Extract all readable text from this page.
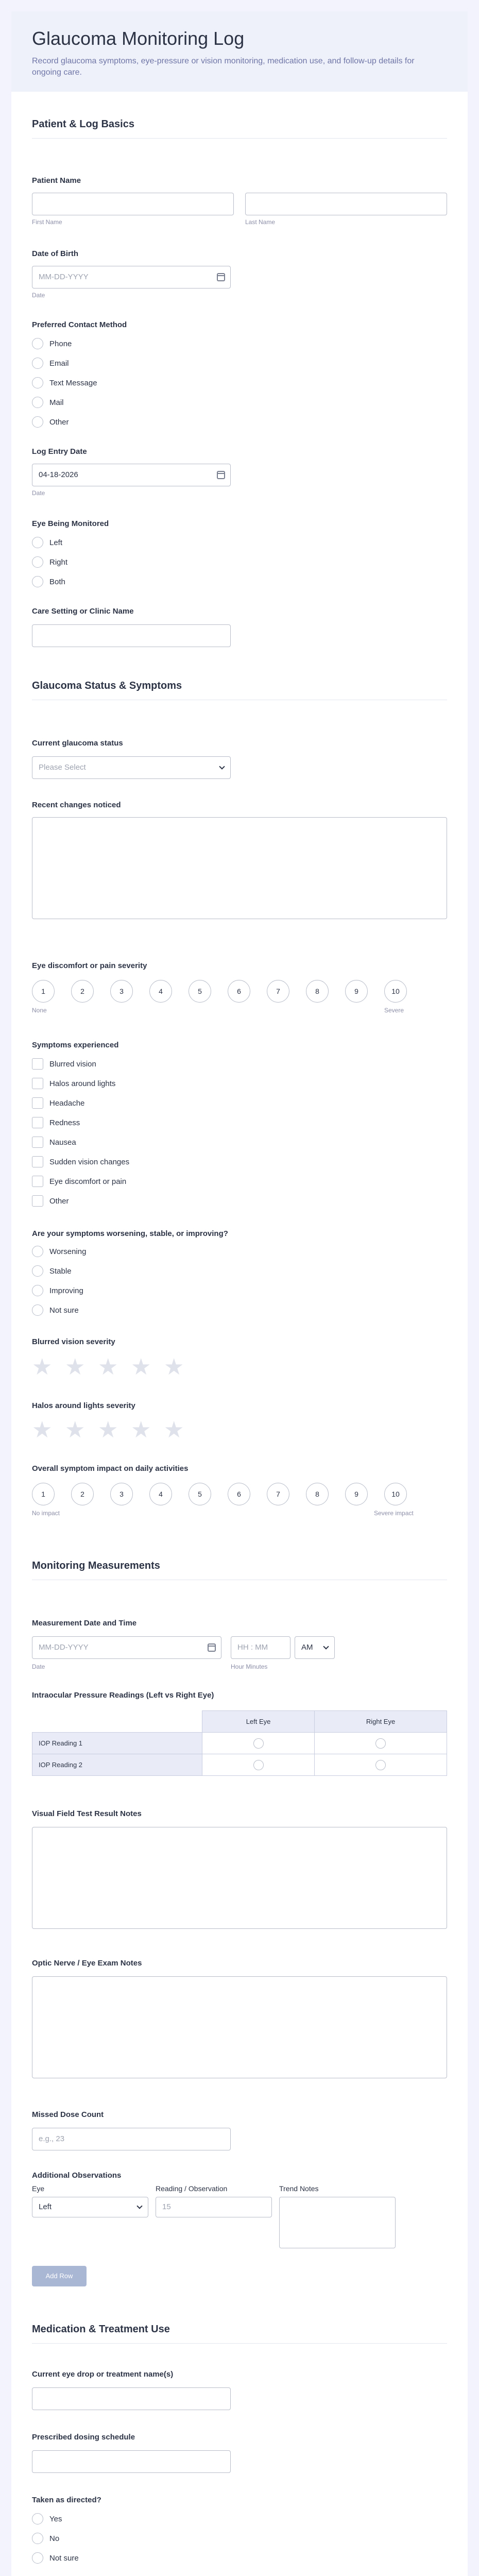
Glaucoma Monitoring Log

Record glaucoma symptoms, eye-pressure or vision monitoring, medication use, and follow-up details for ongoing care.

Patient & Log Basics
Patient Name
First Name	Last Name
Date of Birth
MM-DD-YYYY
Date
Preferred Contact Method
Phone
Email
Text Message
Mail
Other
Log Entry Date
04-18-2026
Date
Eye Being Monitored
Left
Right
Both
Care Setting or Clinic Name
Glaucoma Status & Symptoms
Current glaucoma status
Please Select
Recent changes noticed
Eye discomfort or pain severity
1	2	3	4	5	6	7	8	9	10
None	Severe
Symptoms experienced
Blurred vision
Halos around lights
Headache
Redness
Nausea
Sudden vision changes
Eye discomfort or pain
Other
Are your symptoms worsening, stable, or improving?
Worsening
Stable
Improving
Not sure
Blurred vision severity
★ ★ ★ ★ ★
Halos around lights severity
★ ★ ★ ★ ★
Overall symptom impact on daily activities
1	2	3	4	5	6	7	8	9	10
No impact	Severe impact
Monitoring Measurements
Measurement Date and Time
MM-DD-YYYY	HH : MM	AM
Date	Hour Minutes
Intraocular Pressure Readings (Left vs Right Eye)
	Left Eye	Right Eye
IOP Reading 1		
IOP Reading 2		
Visual Field Test Result Notes
Optic Nerve / Eye Exam Notes
Missed Dose Count
e.g., 23
Additional Observations
Eye	Reading / Observation	Trend Notes
Left	15
Add Row
Medication & Treatment Use
Current eye drop or treatment name(s)
Prescribed dosing schedule
Taken as directed?
Yes
No
Not sure
